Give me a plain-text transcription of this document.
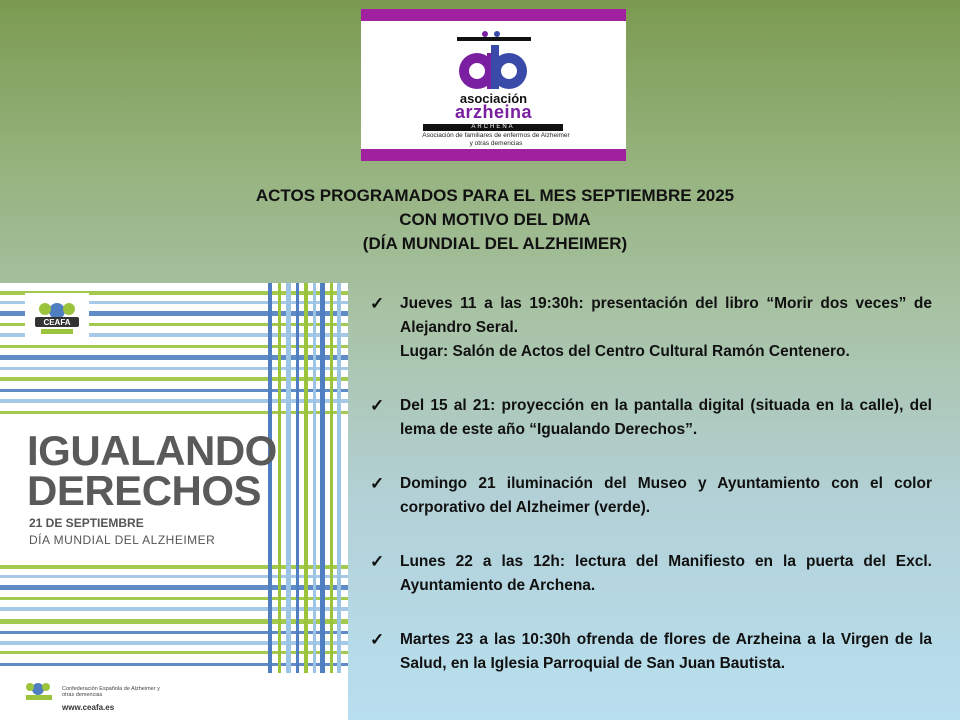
asociación
arzheina
ARCHENA
Asociación de familiares de enfermos de Alzheimer y otras demencias
ACTOS PROGRAMADOS PARA EL MES SEPTIEMBRE 2025
CON MOTIVO DEL DMA
(DÍA MUNDIAL DEL ALZHEIMER)
CEAFA
IGUALANDO
DERECHOS
21 DE SEPTIEMBRE
DÍA MUNDIAL DEL ALZHEIMER
Confederación Española de Alzheimer y otras demencias
www.ceafa.es
✓ Jueves 11 a las 19:30h: presentación del libro “Morir dos veces” de Alejandro Seral.
Lugar: Salón de Actos del Centro Cultural Ramón Centenero.
✓ Del 15 al 21: proyección en la pantalla digital (situada en la calle), del lema de este año “Igualando Derechos”.
✓ Domingo 21 iluminación del Museo y Ayuntamiento con el color corporativo del Alzheimer (verde).
✓ Lunes 22 a las 12h: lectura del Manifiesto en la puerta del Excl. Ayuntamiento de Archena.
✓ Martes 23 a las 10:30h ofrenda de flores de Arzheina a la Virgen de la Salud, en la Iglesia Parroquial de San Juan Bautista.
